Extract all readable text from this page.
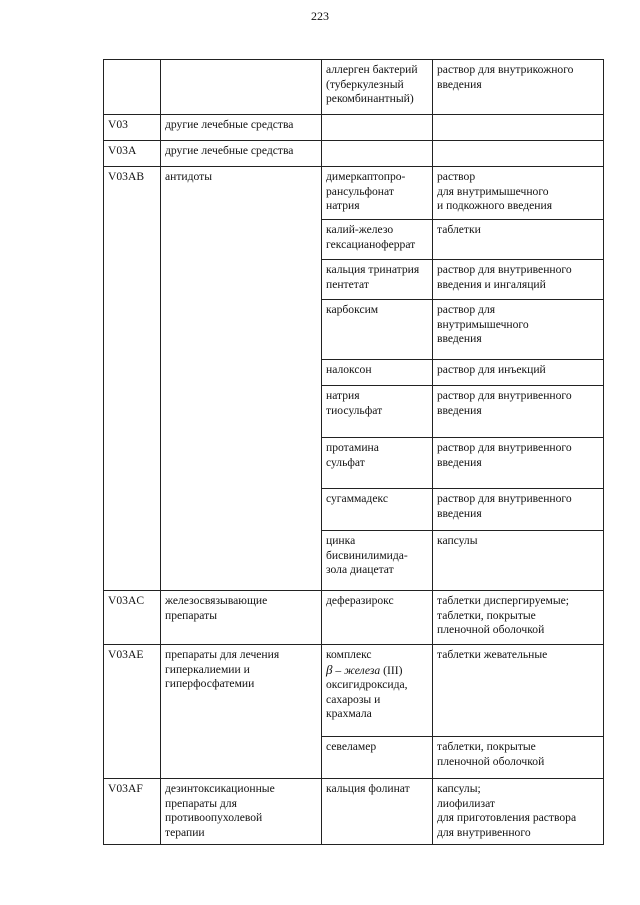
223
		аллерген бактерий
(туберкулезный
рекомбинантный)	раствор для внутрикожного
введения
V03	другие лечебные средства		
V03A	другие лечебные средства		
V03AB	антидоты	димеркаптопро-
pансульфонат
натрия	раствор
для внутримышечного
и подкожного введения
		калий-железо
гексацианоферрат	таблетки
		кальция тринатрия
пентетат	раствор для внутривенного
введения и ингаляций
		карбоксим	раствор для
внутримышечного
введения
		налоксон	раствор для инъекций
		натрия
тиосульфат	раствор для внутривенного
введения
		протамина
сульфат	раствор для внутривенного
введения
		сугаммадекс	раствор для внутривенного
введения
		цинка
бисвинилимида-
зола диацетат	капсулы
V03AC	железосвязывающие
препараты	деферазирокс	таблетки диспергируемые;
таблетки, покрытые
пленочной оболочкой
V03AE	препараты для лечения
гиперкалиемии и
гиперфосфатемии	комплекс
β – железа (III)
оксигидроксида,
сахарозы и
крахмала	таблетки жевательные
		севеламер	таблетки, покрытые
пленочной оболочкой
V03AF	дезинтоксикационные
препараты для
противоопухолевой
терапии	кальция фолинат	капсулы;
лиофилизат
для приготовления раствора
для внутривенного
